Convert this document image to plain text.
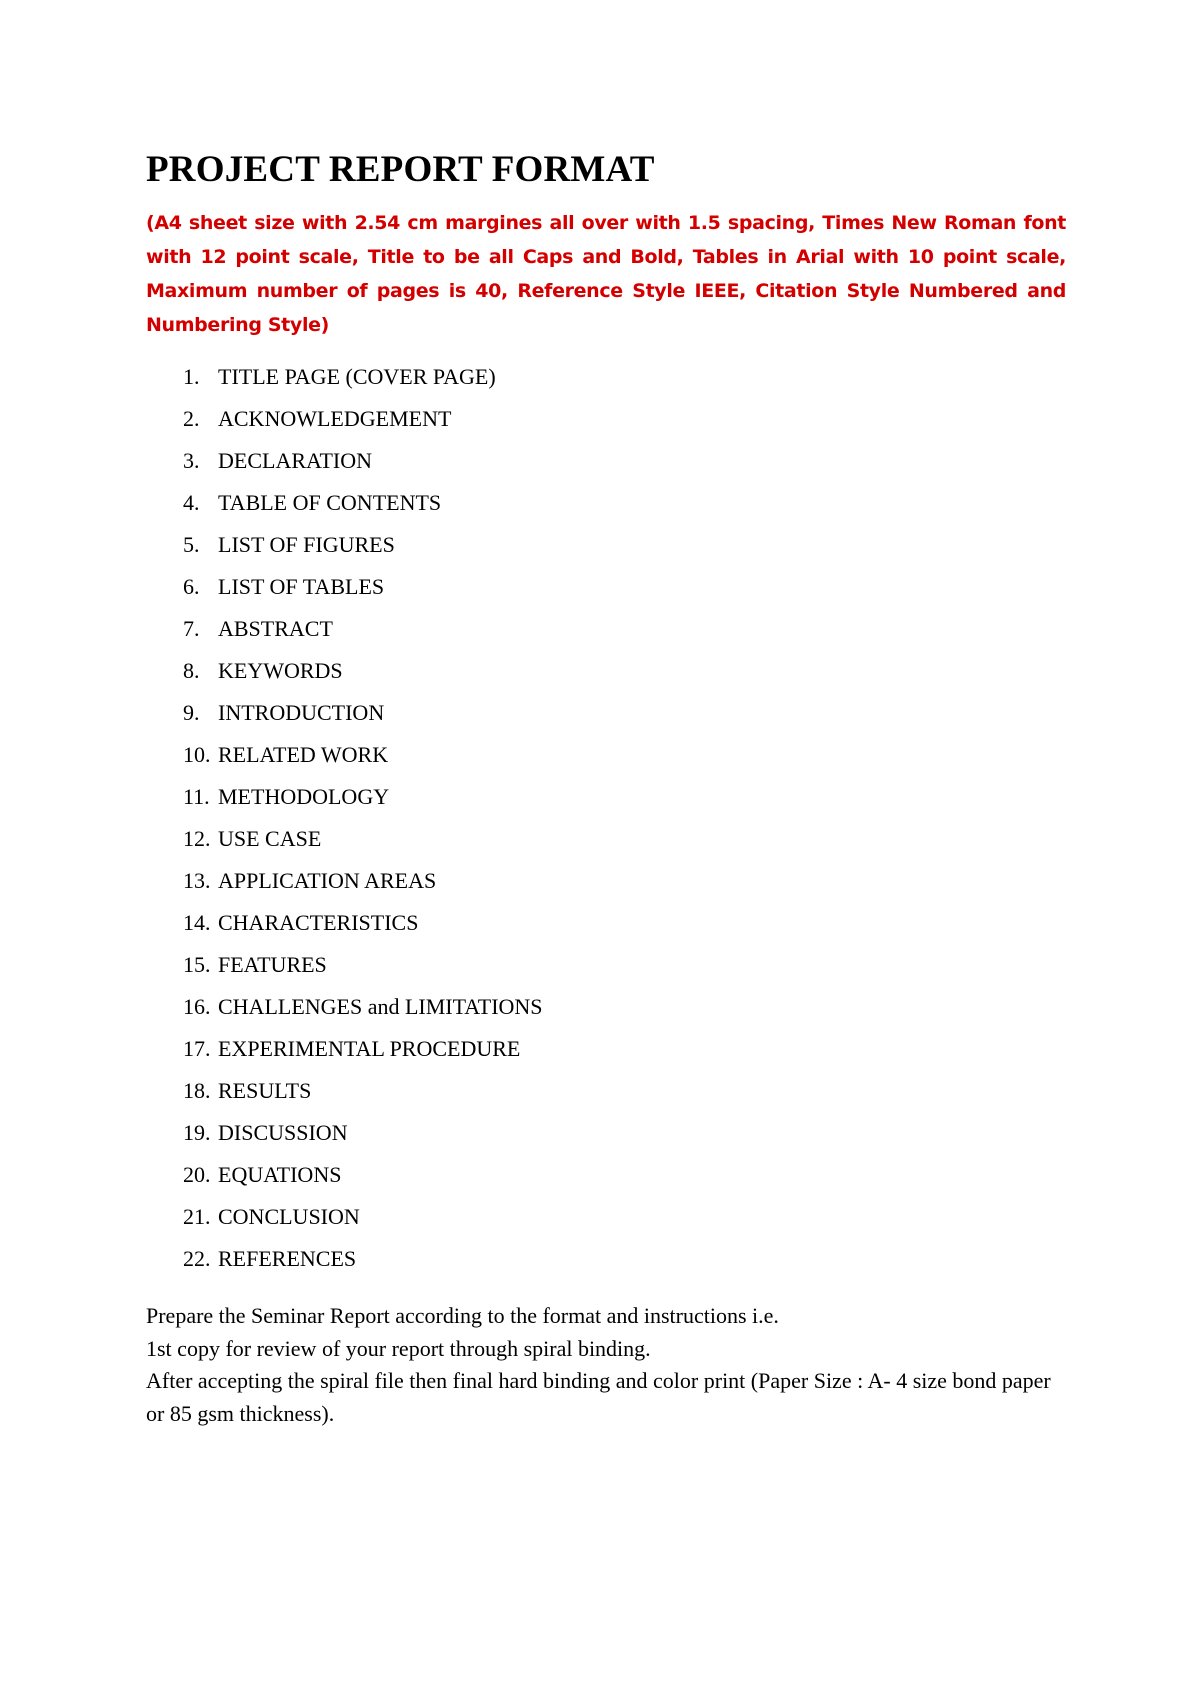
PROJECT REPORT FORMAT

(A4 sheet size with 2.54 cm margines all over with 1.5 spacing, Times New Roman font with 12 point scale, Title to be all Caps and Bold, Tables in Arial with 10 point scale, Maximum number of pages is 40, Reference Style IEEE, Citation Style Numbered and Numbering Style)

1. TITLE PAGE (COVER PAGE)
2. ACKNOWLEDGEMENT
3. DECLARATION
4. TABLE OF CONTENTS
5. LIST OF FIGURES
6. LIST OF TABLES
7. ABSTRACT
8. KEYWORDS
9. INTRODUCTION
10. RELATED WORK
11. METHODOLOGY
12. USE CASE
13. APPLICATION AREAS
14. CHARACTERISTICS
15. FEATURES
16. CHALLENGES and LIMITATIONS
17. EXPERIMENTAL PROCEDURE
18. RESULTS
19. DISCUSSION
20. EQUATIONS
21. CONCLUSION
22. REFERENCES
Prepare the Seminar Report according to the format and instructions i.e.
1st copy for review of your report through spiral binding.
After accepting the spiral file then final hard binding and color print (Paper Size : A- 4 size bond paper or 85 gsm thickness).
